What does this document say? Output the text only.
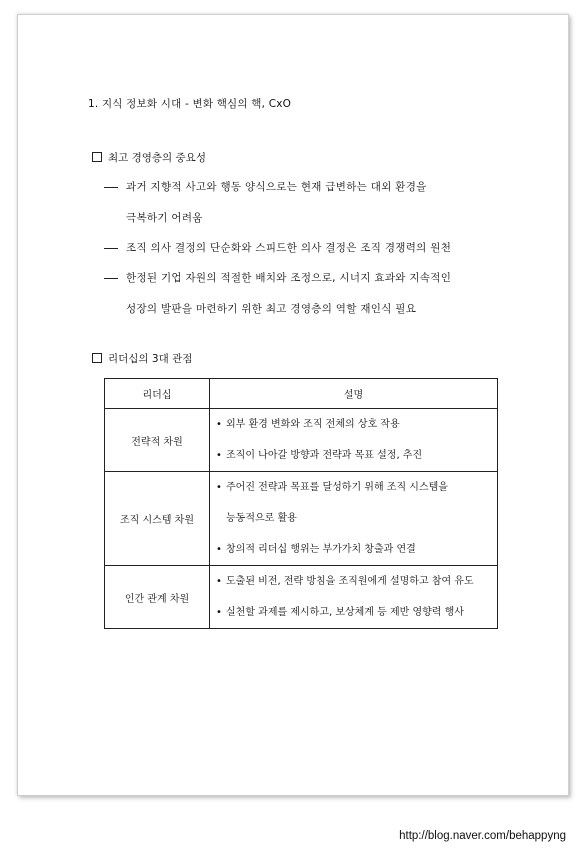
1. 지식 정보화 시대 - 변화 핵심의 핵, CxO
최고 경영층의 중요성
과거 지향적 사고와 행동 양식으로는 현재 급변하는 대외 환경을
극복하기 어려움
조직 의사 결정의 단순화와 스피드한 의사 결정은 조직 경쟁력의 원천
한정된 기업 자원의 적절한 배치와 조정으로, 시너지 효과와 지속적인
성장의 발판을 마련하기 위한 최고 경영층의 역할 재인식 필요
리더십의 3대 관점
리더십	설명
전략적 차원	• 외부 환경 변화와 조직 전체의 상호 작용
• 조직이 나아갈 방향과 전략과 목표 설정, 추진

조직 시스템 차원	• 주어진 전략과 목표를 달성하기 위해 조직 시스템을
능동적으로 활용
• 창의적 리더십 행위는 부가가치 창출과 연결

인간 관계 차원	• 도출된 비전, 전략 방침을 조직원에게 설명하고 참여 유도
• 실천할 과제를 제시하고, 보상체계 등 제반 영향력 행사
http://blog.naver.com/behappyng
